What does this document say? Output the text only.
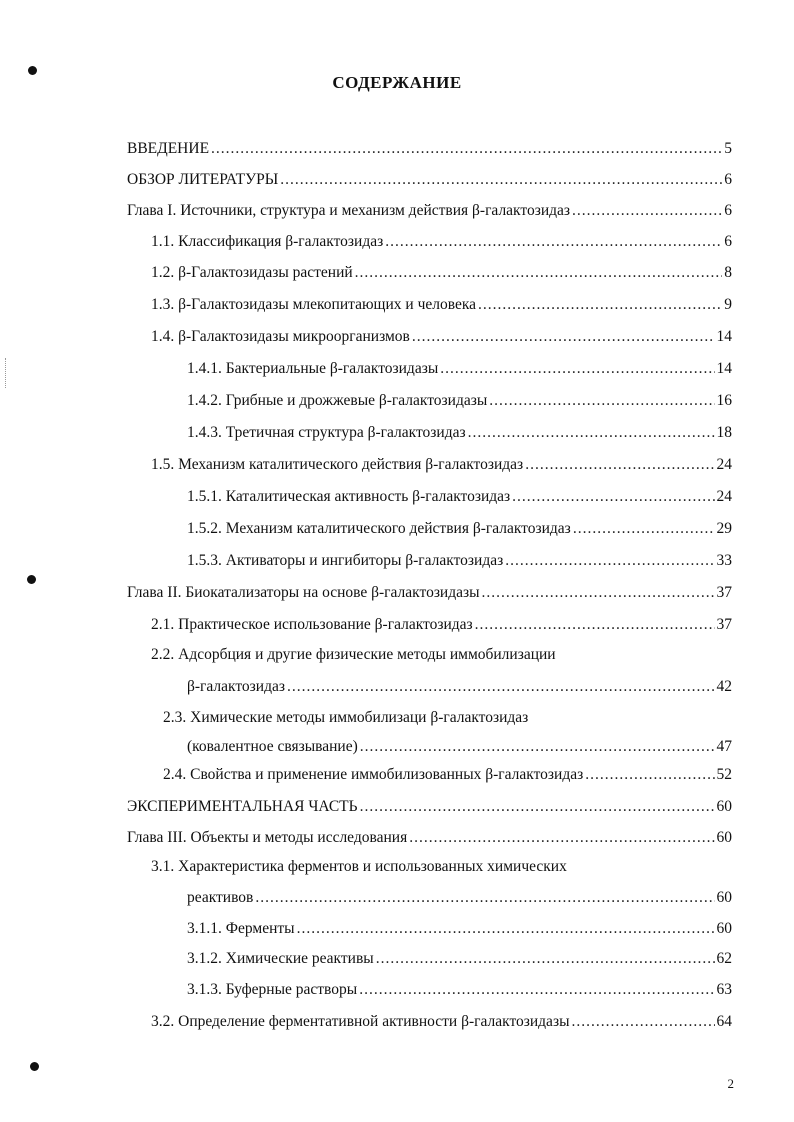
СОДЕРЖАНИЕ
ВВЕДЕНИЕ .....	5
ОБЗОР ЛИТЕРАТУРЫ .....	6
Глава I. Источники, структура и механизм действия β-галактозидаз .....	6
1.1. Классификация β-галактозидаз .....	6
1.2. β-Галактозидазы растений .....	8
1.3. β-Галактозидазы млекопитающих и человека .....	9
1.4. β-Галактозидазы микроорганизмов .....	14
1.4.1. Бактериальные β-галактозидазы .....	14
1.4.2. Грибные и дрожжевые β-галактозидазы .....	16
1.4.3. Третичная структура β-галактозидаз .....	18
1.5. Механизм каталитического действия β-галактозидаз .....	24
1.5.1. Каталитическая активность β-галактозидаз .....	24
1.5.2. Механизм каталитического действия β-галактозидаз .....	29
1.5.3. Активаторы и ингибиторы β-галактозидаз .....	33
Глава II. Биокатализаторы на основе β-галактозидазы .....	37
2.1. Практическое использование β-галактозидаз .....	37
2.2. Адсорбция и другие физические методы иммобилизации
β-галактозидаз .....	42
2.3. Химические методы иммобилизаци β-галактозидаз
(ковалентное связывание) .....	47
2.4. Свойства и применение иммобилизованных β-галактозидаз .....	52
ЭКСПЕРИМЕНТАЛЬНАЯ ЧАСТЬ .....	60
Глава III. Объекты и методы исследования .....	60
3.1. Характеристика ферментов и использованных химических
реактивов .....	60
3.1.1. Ферменты .....	60
3.1.2. Химические реактивы .....	62
3.1.3. Буферные растворы .....	63
3.2. Определение ферментативной активности β-галактозидазы .....	64
2
